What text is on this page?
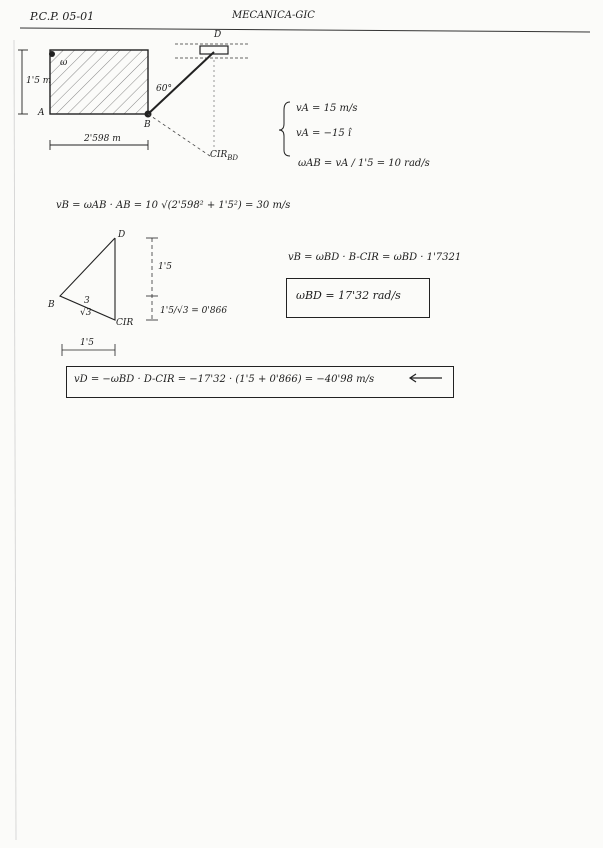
P.C.P. 05-01	MECANICA-GIC
D
A
B
ω
1'5 m
2'598 m
60°
$CIR_{BD}$
vA = 15 m/s
vA = −15 î
ωAB = vA / 1'5 = 10 rad/s
vB = ωAB · AB = 10 √(2'598² + 1'5²) = 30 m/s
D
B
CIR
1'5
3
√3	1'5/√3 = 0'866
1'5
vB = ωBD · B-CIR = ωBD · 1'7321
ωBD = 17'32 rad/s
vD = −ωBD · D-CIR = −17'32 · (1'5 + 0'866) = −40'98 m/s
